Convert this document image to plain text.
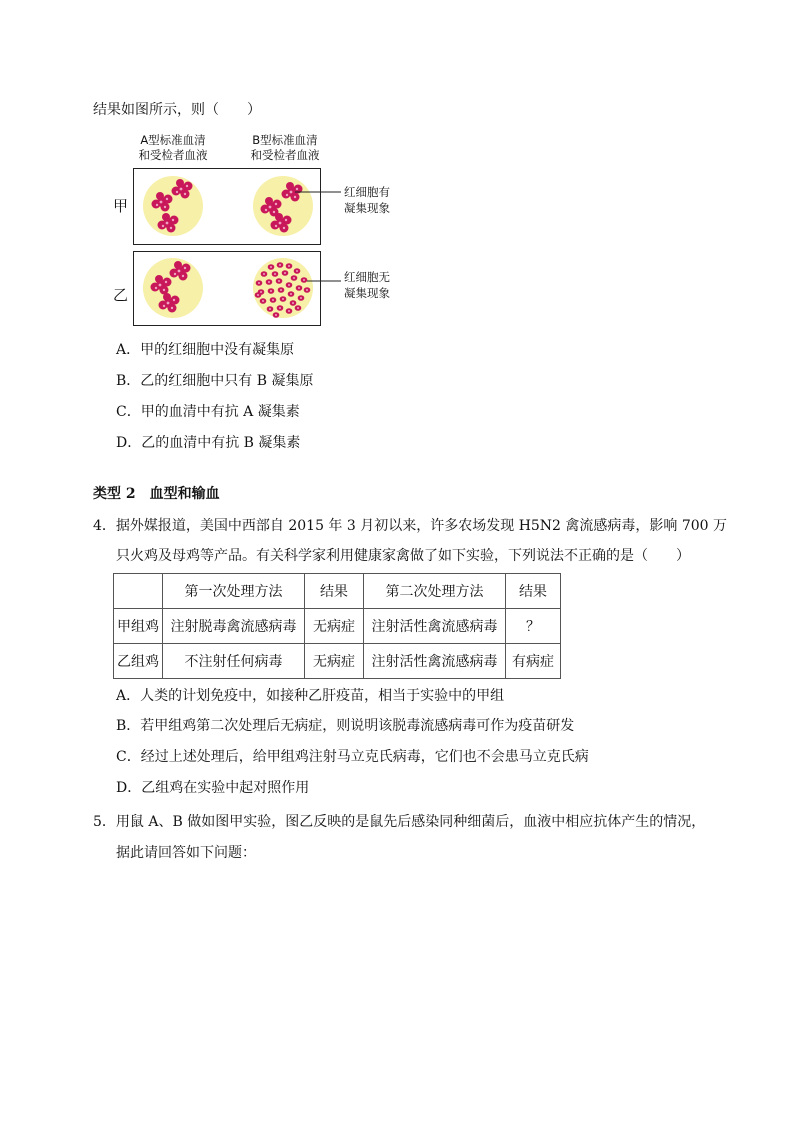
结果如图所示，则（　　）
A型标准血清
和受检者血液
B型标准血清
和受检者血液
甲
乙
红细胞有
凝集现象
红细胞无
凝集现象
A．甲的红细胞中没有凝集原
B．乙的红细胞中只有 B 凝集原
C．甲的血清中有抗 A 凝集素
D．乙的血清中有抗 B 凝集素
类型 2　血型和输血
4．据外媒报道，美国中西部自 2015 年 3 月初以来，许多农场发现 H5N2 禽流感病毒，影响 700 万
只火鸡及母鸡等产品。有关科学家利用健康家禽做了如下实验，下列说法不正确的是（　　）
	第一次处理方法	结果	第二次处理方法	结果
甲组鸡	注射脱毒禽流感病毒	无病症	注射活性禽流感病毒	？
乙组鸡	不注射任何病毒	无病症	注射活性禽流感病毒	有病症
A．人类的计划免疫中，如接种乙肝疫苗，相当于实验中的甲组
B．若甲组鸡第二次处理后无病症，则说明该脱毒流感病毒可作为疫苗研发
C．经过上述处理后，给甲组鸡注射马立克氏病毒，它们也不会患马立克氏病
D．乙组鸡在实验中起对照作用
5．用鼠 A、B 做如图甲实验，图乙反映的是鼠先后感染同种细菌后，血液中相应抗体产生的情况，
据此请回答如下问题：
